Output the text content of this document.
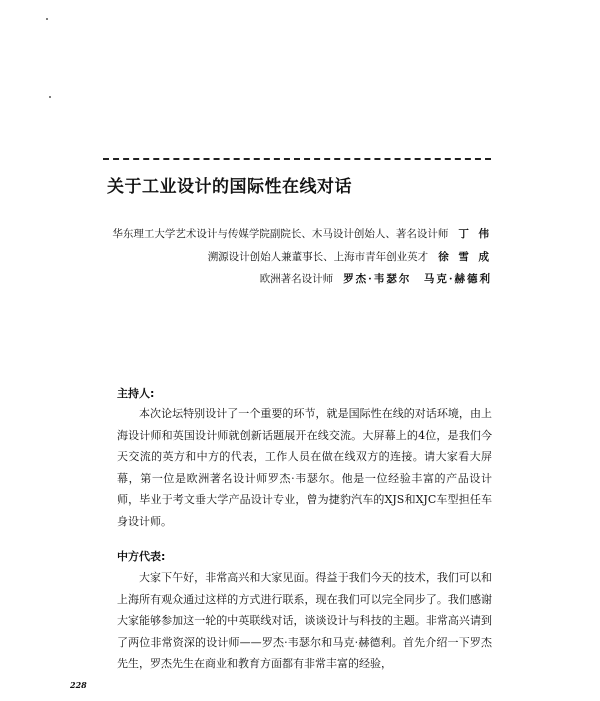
关于工业设计的国际性在线对话
华东理工大学艺术设计与传媒学院副院长、木马设计创始人、著名设计师 丁 伟
溯源设计创始人兼董事长、上海市青年创业英才 徐 雪 成
欧洲著名设计师 罗杰·韦瑟尔　马克·赫德利
主持人:

本次论坛特别设计了一个重要的环节，就是国际性在线的对话环境，由上海设计师和英国设计师就创新话题展开在线交流。大屏幕上的4位，是我们今天交流的英方和中方的代表，工作人员在做在线双方的连接。请大家看大屏幕，第一位是欧洲著名设计师罗杰·韦瑟尔。他是一位经验丰富的产品设计师，毕业于考文垂大学产品设计专业，曾为捷豹汽车的XJS和XJC车型担任车身设计师。

中方代表:

大家下午好，非常高兴和大家见面。得益于我们今天的技术，我们可以和上海所有观众通过这样的方式进行联系，现在我们可以完全同步了。我们感谢大家能够参加这一轮的中英联线对话，谈谈设计与科技的主题。非常高兴请到了两位非常资深的设计师——罗杰·韦瑟尔和马克·赫德利。首先介绍一下罗杰先生，罗杰先生在商业和教育方面都有非常丰富的经验，

228
